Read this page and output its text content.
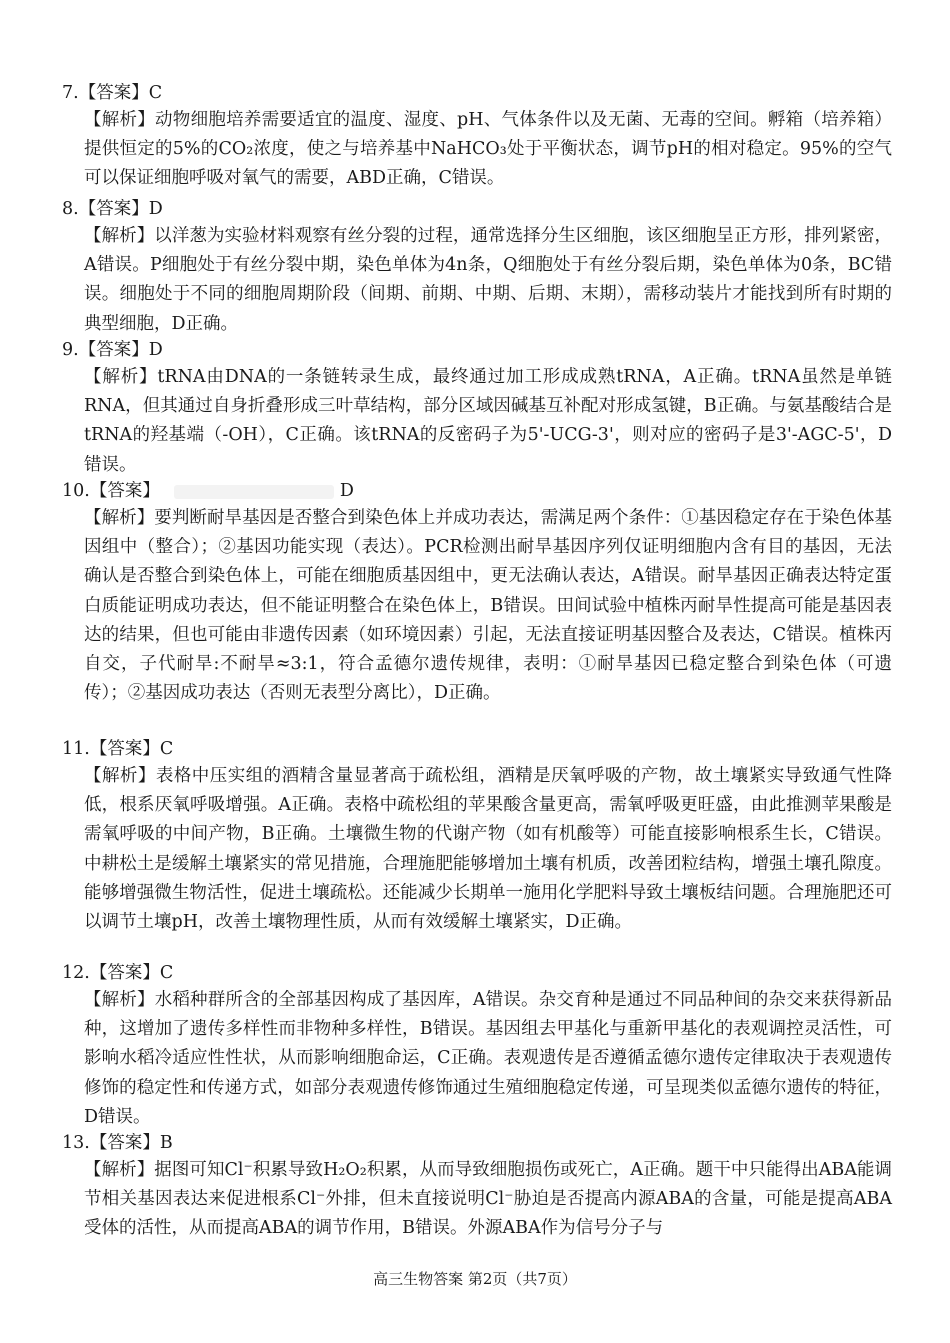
7.【答案】C
【解析】动物细胞培养需要适宜的温度、湿度、pH、气体条件以及无菌、无毒的空间。孵箱（培养箱）提供恒定的5%的CO₂浓度，使之与培养基中NaHCO₃处于平衡状态，调节pH的相对稳定。95%的空气可以保证细胞呼吸对氧气的需要，ABD正确，C错误。
8.【答案】D
【解析】以洋葱为实验材料观察有丝分裂的过程，通常选择分生区细胞，该区细胞呈正方形，排列紧密，A错误。P细胞处于有丝分裂中期，染色单体为4n条，Q细胞处于有丝分裂后期，染色单体为0条，BC错误。细胞处于不同的细胞周期阶段（间期、前期、中期、后期、末期），需移动装片才能找到所有时期的典型细胞，D正确。
9.【答案】D
【解析】tRNA由DNA的一条链转录生成，最终通过加工形成成熟tRNA，A正确。tRNA虽然是单链RNA，但其通过自身折叠形成三叶草结构，部分区域因碱基互补配对形成氢键，B正确。与氨基酸结合是tRNA的羟基端（-OH），C正确。该tRNA的反密码子为5'-UCG-3'，则对应的密码子是3'-AGC-5'，D错误。
10.【答案】	D
【解析】要判断耐旱基因是否整合到染色体上并成功表达，需满足两个条件：①基因稳定存在于染色体基因组中（整合）；②基因功能实现（表达）。PCR检测出耐旱基因序列仅证明细胞内含有目的基因，无法确认是否整合到染色体上，可能在细胞质基因组中，更无法确认表达，A错误。耐旱基因正确表达特定蛋白质能证明成功表达，但不能证明整合在染色体上，B错误。田间试验中植株丙耐旱性提高可能是基因表达的结果，但也可能由非遗传因素（如环境因素）引起，无法直接证明基因整合及表达，C错误。植株丙自交，子代耐旱:不耐旱≈3:1，符合孟德尔遗传规律，表明：①耐旱基因已稳定整合到染色体（可遗传）；②基因成功表达（否则无表型分离比），D正确。
11.【答案】C
【解析】表格中压实组的酒精含量显著高于疏松组，酒精是厌氧呼吸的产物，故土壤紧实导致通气性降低，根系厌氧呼吸增强。A正确。表格中疏松组的苹果酸含量更高，需氧呼吸更旺盛，由此推测苹果酸是需氧呼吸的中间产物，B正确。土壤微生物的代谢产物（如有机酸等）可能直接影响根系生长，C错误。中耕松土是缓解土壤紧实的常见措施，合理施肥能够增加土壤有机质，改善团粒结构，增强土壤孔隙度。能够增强微生物活性，促进土壤疏松。还能减少长期单一施用化学肥料导致土壤板结问题。合理施肥还可以调节土壤pH，改善土壤物理性质，从而有效缓解土壤紧实，D正确。
12.【答案】C
【解析】水稻种群所含的全部基因构成了基因库，A错误。杂交育种是通过不同品种间的杂交来获得新品种，这增加了遗传多样性而非物种多样性，B错误。基因组去甲基化与重新甲基化的表观调控灵活性，可影响水稻冷适应性性状，从而影响细胞命运，C正确。表观遗传是否遵循孟德尔遗传定律取决于表观遗传修饰的稳定性和传递方式，如部分表观遗传修饰通过生殖细胞稳定传递，可呈现类似孟德尔遗传的特征，D错误。
13.【答案】B
【解析】据图可知Cl⁻积累导致H₂O₂积累，从而导致细胞损伤或死亡，A正确。题干中只能得出ABA能调节相关基因表达来促进根系Cl⁻外排，但未直接说明Cl⁻胁迫是否提高内源ABA的含量，可能是提高ABA受体的活性，从而提高ABA的调节作用，B错误。外源ABA作为信号分子与
高三生物答案 第2页（共7页）
